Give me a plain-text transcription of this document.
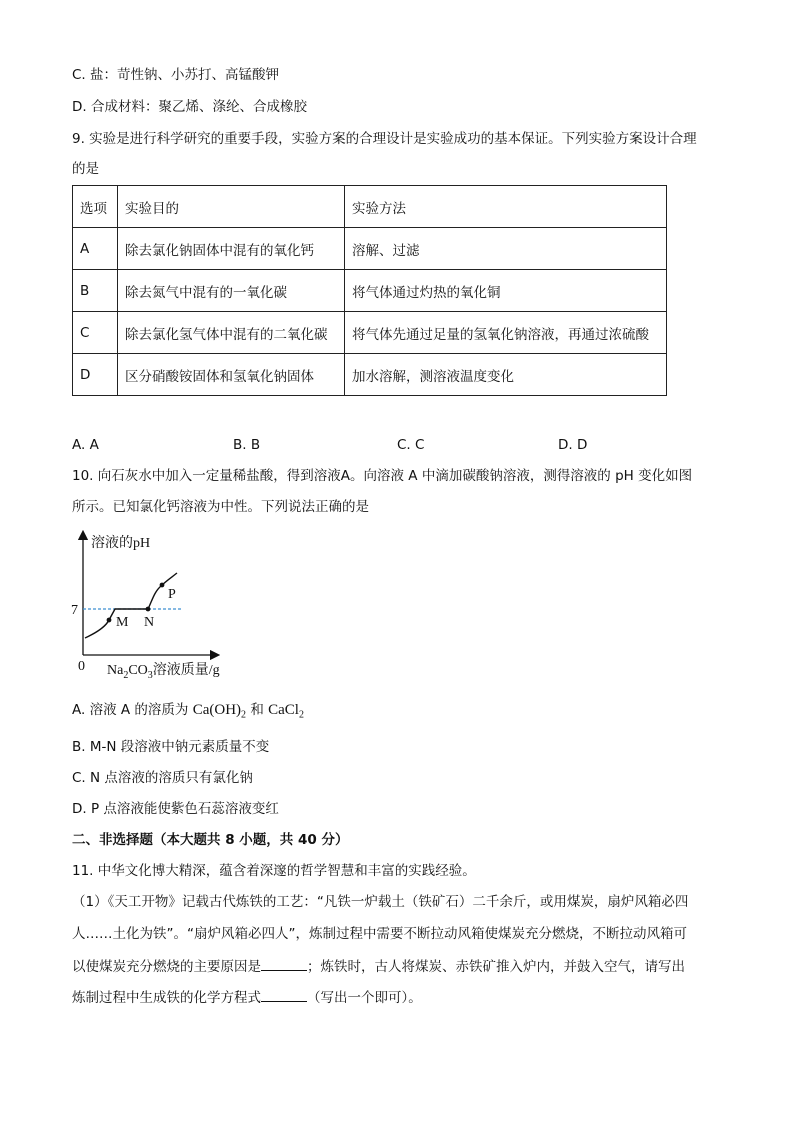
C. 盐：苛性钠、小苏打、高锰酸钾
D. 合成材料：聚乙烯、涤纶、合成橡胶
9. 实验是进行科学研究的重要手段，实验方案的合理设计是实验成功的基本保证。下列实验方案设计合理
的是
选项	实验目的	实验方法
A	除去氯化钠固体中混有的氧化钙	溶解、过滤
B	除去氮气中混有的一氧化碳	将气体通过灼热的氧化铜
C	除去氯化氢气体中混有的二氧化碳	将气体先通过足量的氢氧化钠溶液，再通过浓硫酸
D	区分硝酸铵固体和氢氧化钠固体	加水溶解，测溶液温度变化
A. A	B. B	C. C	D. D
10. 向石灰水中加入一定量稀盐酸，得到溶液A。向溶液 A 中滴加碳酸钠溶液，测得溶液的 pH 变化如图
所示。已知氯化钙溶液为中性。下列说法正确的是
溶液的pH
7
0
M N
P
$Na_2CO_3$溶液质量/g
A. 溶液 A 的溶质为 $Ca(OH)_2$ 和 CaCl$_2$
B. M-N 段溶液中钠元素质量不变
C. N 点溶液的溶质只有氯化钠
D. P 点溶液能使紫色石蕊溶液变红
二、非选择题（本大题共 8 小题，共 40 分）
11. 中华文化博大精深，蕴含着深邃的哲学智慧和丰富的实践经验。
（1）《天工开物》记载古代炼铁的工艺：“凡铁一炉载土（铁矿石）二千余斤，或用煤炭，扇炉风箱必四
人……土化为铁”。“扇炉风箱必四人”，炼制过程中需要不断拉动风箱使煤炭充分燃烧，不断拉动风箱可
以使煤炭充分燃烧的主要原因是	；炼铁时，古人将煤炭、赤铁矿推入炉内，并鼓入空气，请写出
炼制过程中生成铁的化学方程式	（写出一个即可）。
